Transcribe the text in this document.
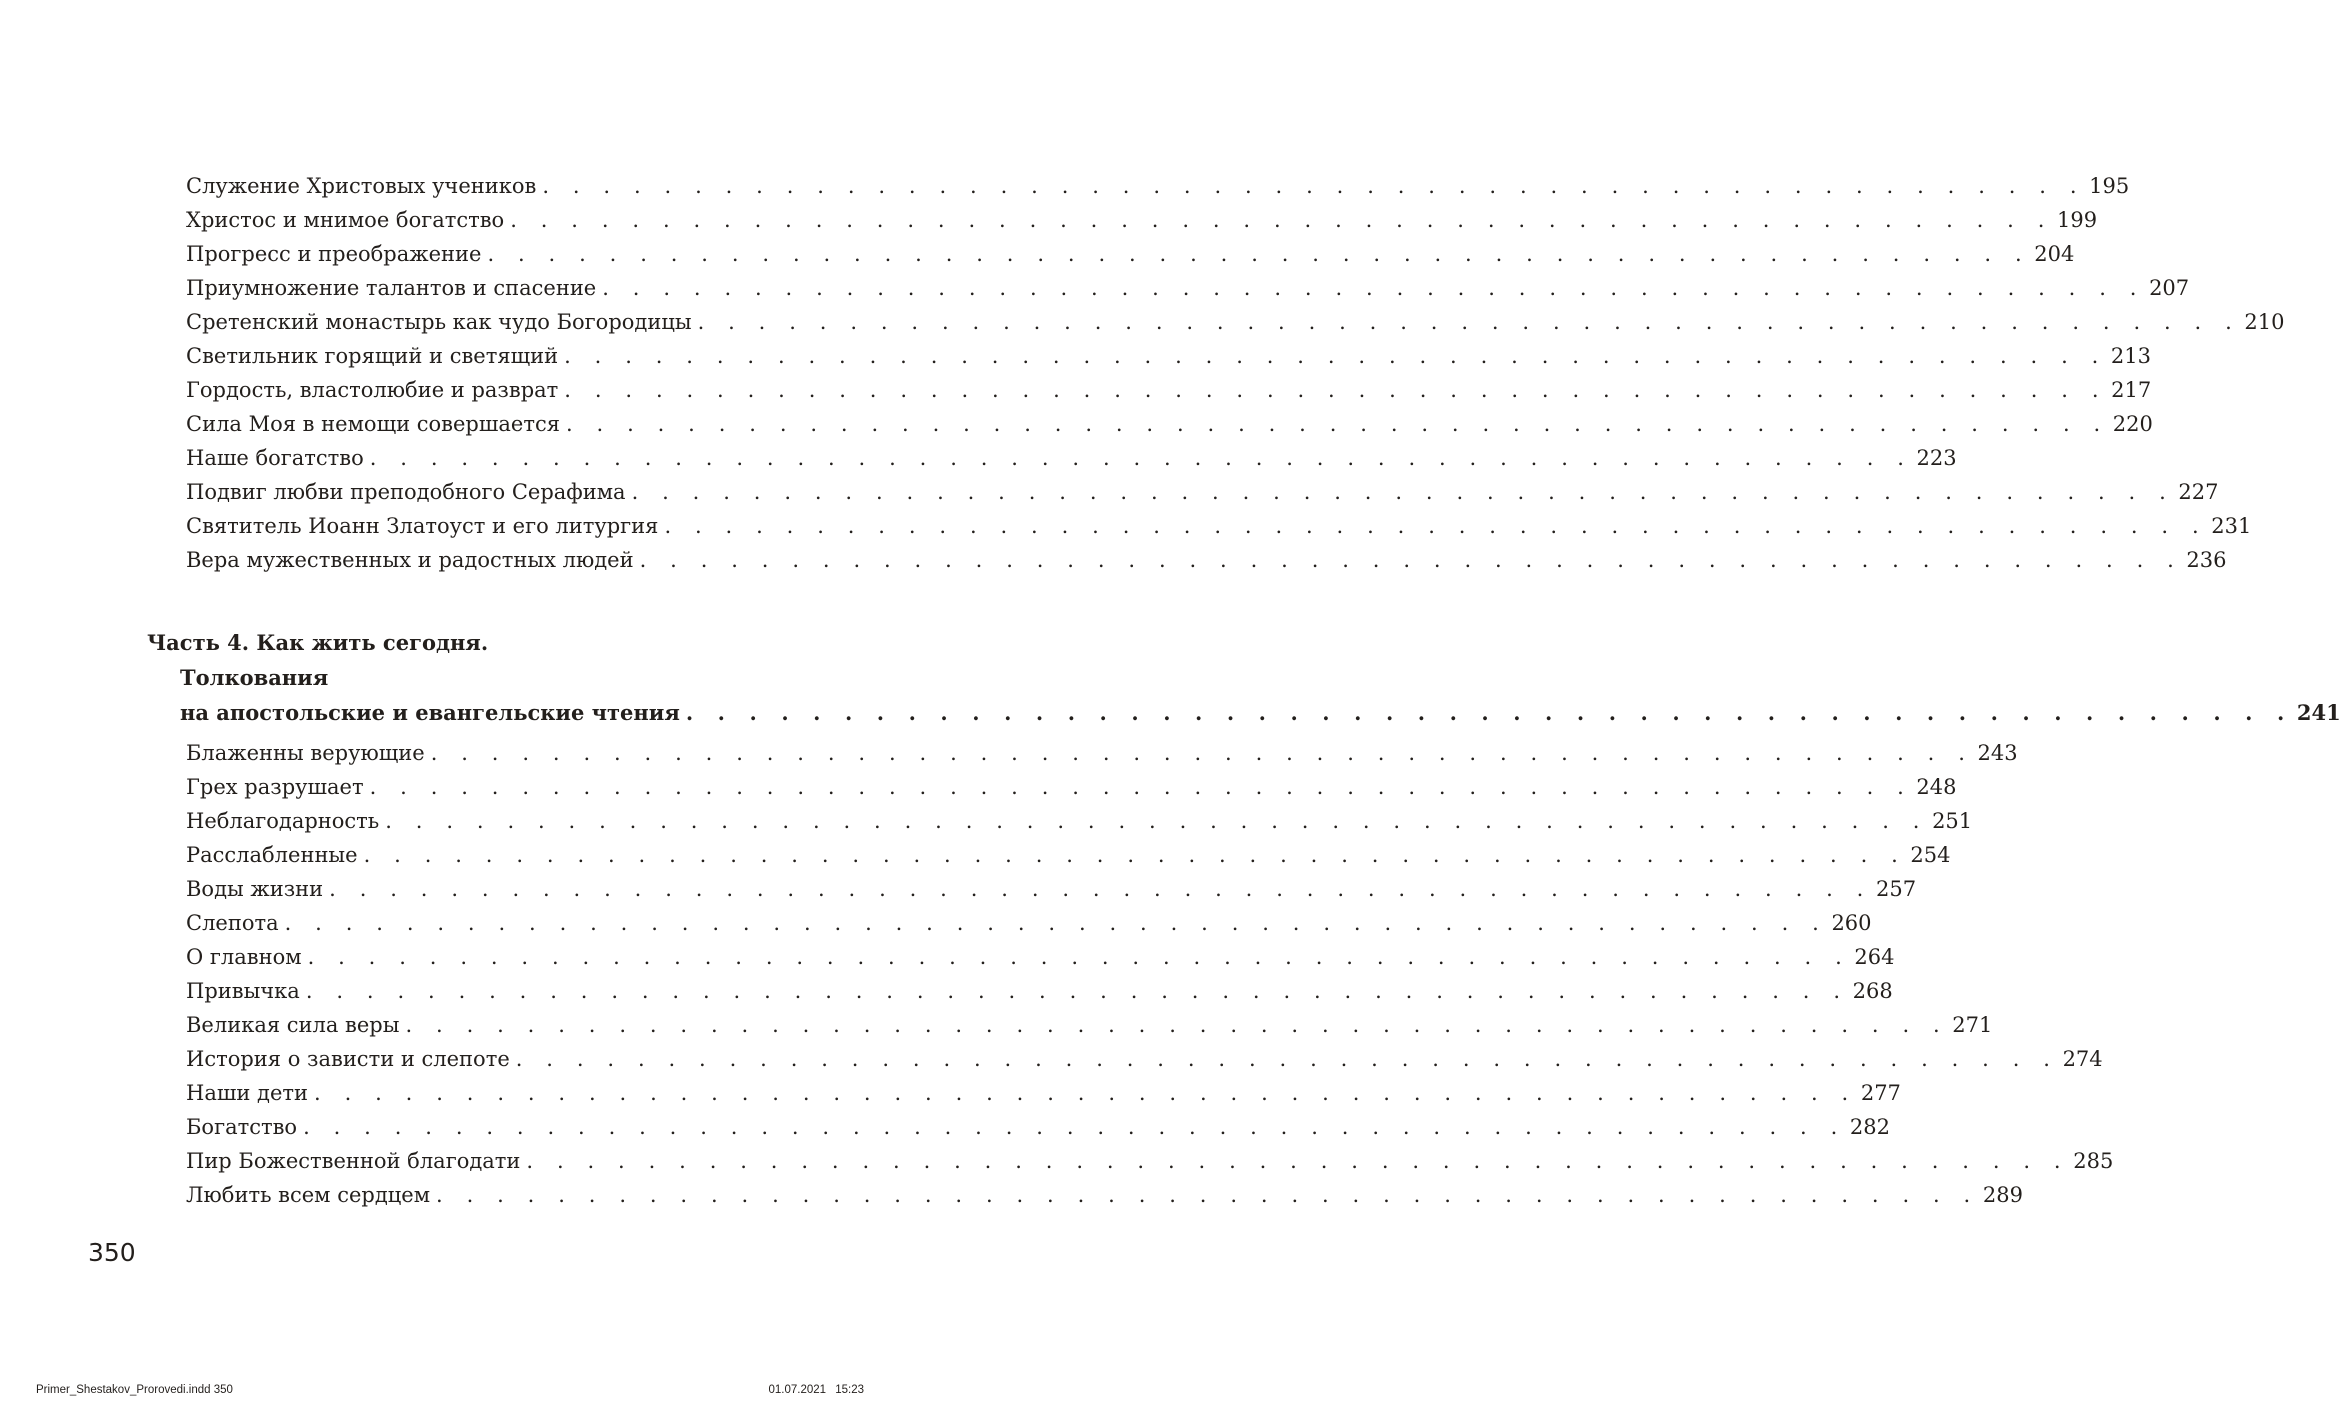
Служение Христовых учеников . . . . . . . . . . . . . . . . . . . . . . . . . . . . . . . . . . . . . . . . . . . . . . . . . . . 195
Христос и мнимое богатство . . . . . . . . . . . . . . . . . . . . . . . . . . . . . . . . . . . . . . . . . . . . . . . . . . . 199
Прогресс и преображение . . . . . . . . . . . . . . . . . . . . . . . . . . . . . . . . . . . . . . . . . . . . . . . . . . . 204
Приумножение талантов и спасение . . . . . . . . . . . . . . . . . . . . . . . . . . . . . . . . . . . . . . . . . . . . . . . . . . . 207
Сретенский монастырь как чудо Богородицы . . . . . . . . . . . . . . . . . . . . . . . . . . . . . . . . . . . . . . . . . . . . . . . . . . . 210
Светильник горящий и светящий . . . . . . . . . . . . . . . . . . . . . . . . . . . . . . . . . . . . . . . . . . . . . . . . . . . 213
Гордость, властолюбие и разврат . . . . . . . . . . . . . . . . . . . . . . . . . . . . . . . . . . . . . . . . . . . . . . . . . . . 217
Сила Моя в немощи совершается . . . . . . . . . . . . . . . . . . . . . . . . . . . . . . . . . . . . . . . . . . . . . . . . . . . 220
Наше богатство . . . . . . . . . . . . . . . . . . . . . . . . . . . . . . . . . . . . . . . . . . . . . . . . . . . 223
Подвиг любви преподобного Серафима . . . . . . . . . . . . . . . . . . . . . . . . . . . . . . . . . . . . . . . . . . . . . . . . . . . 227
Святитель Иоанн Златоуст и его литургия . . . . . . . . . . . . . . . . . . . . . . . . . . . . . . . . . . . . . . . . . . . . . . . . . . . 231
Вера мужественных и радостных людей . . . . . . . . . . . . . . . . . . . . . . . . . . . . . . . . . . . . . . . . . . . . . . . . . . . 236
Часть 4. Как жить сегодня.
Толкования
на апостольские и евангельские чтения . . . . . . . . . . . . . . . . . . . . . . . . . . . . . . . . . . . . . . . . . . . . . . . . . . . 241
Блаженны верующие . . . . . . . . . . . . . . . . . . . . . . . . . . . . . . . . . . . . . . . . . . . . . . . . . . . 243
Грех разрушает . . . . . . . . . . . . . . . . . . . . . . . . . . . . . . . . . . . . . . . . . . . . . . . . . . . 248
Неблагодарность . . . . . . . . . . . . . . . . . . . . . . . . . . . . . . . . . . . . . . . . . . . . . . . . . . . 251
Расслабленные . . . . . . . . . . . . . . . . . . . . . . . . . . . . . . . . . . . . . . . . . . . . . . . . . . . 254
Воды жизни . . . . . . . . . . . . . . . . . . . . . . . . . . . . . . . . . . . . . . . . . . . . . . . . . . . 257
Слепота . . . . . . . . . . . . . . . . . . . . . . . . . . . . . . . . . . . . . . . . . . . . . . . . . . . 260
О главном . . . . . . . . . . . . . . . . . . . . . . . . . . . . . . . . . . . . . . . . . . . . . . . . . . . 264
Привычка . . . . . . . . . . . . . . . . . . . . . . . . . . . . . . . . . . . . . . . . . . . . . . . . . . . 268
Великая сила веры . . . . . . . . . . . . . . . . . . . . . . . . . . . . . . . . . . . . . . . . . . . . . . . . . . . 271
История о зависти и слепоте . . . . . . . . . . . . . . . . . . . . . . . . . . . . . . . . . . . . . . . . . . . . . . . . . . . 274
Наши дети . . . . . . . . . . . . . . . . . . . . . . . . . . . . . . . . . . . . . . . . . . . . . . . . . . . 277
Богатство . . . . . . . . . . . . . . . . . . . . . . . . . . . . . . . . . . . . . . . . . . . . . . . . . . . 282
Пир Божественной благодати . . . . . . . . . . . . . . . . . . . . . . . . . . . . . . . . . . . . . . . . . . . . . . . . . . . 285
Любить всем сердцем . . . . . . . . . . . . . . . . . . . . . . . . . . . . . . . . . . . . . . . . . . . . . . . . . . . 289
350
Primer_Shestakov_Prorovedi.indd 350	01.07.2021 15:23
